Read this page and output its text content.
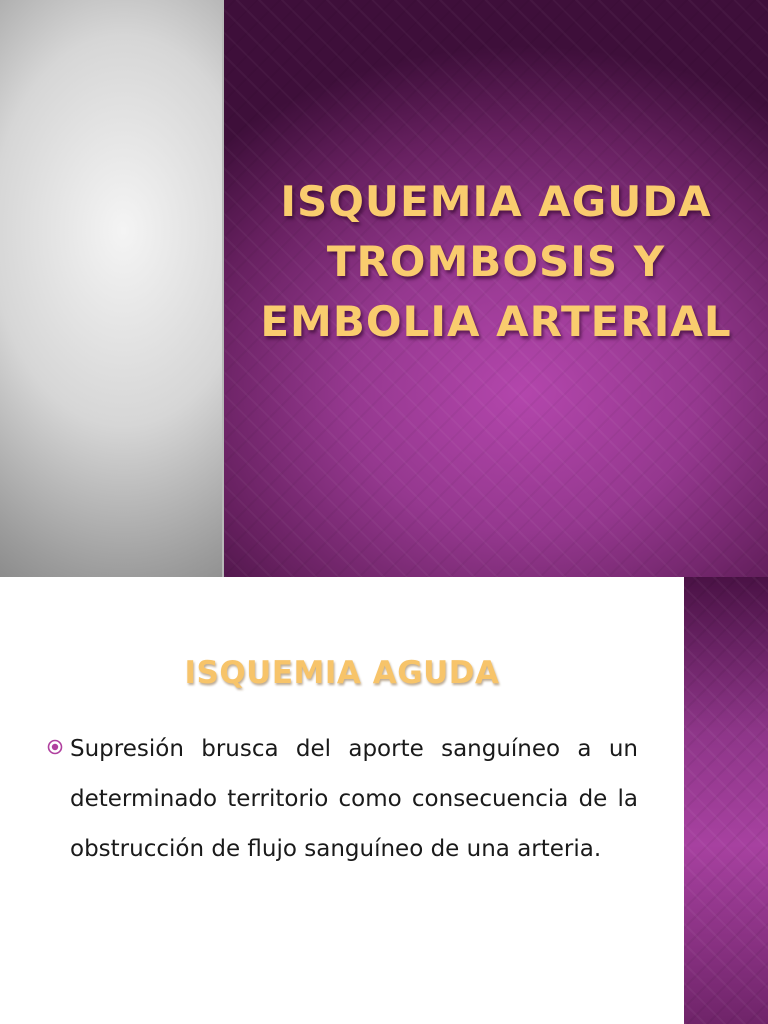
ISQUEMIA AGUDA
TROMBOSIS Y
EMBOLIA ARTERIAL
ISQUEMIA AGUDA

Supresión brusca del aporte sanguíneo a un determinado territorio como consecuencia de la obstrucción de flujo sanguíneo de una arteria.
